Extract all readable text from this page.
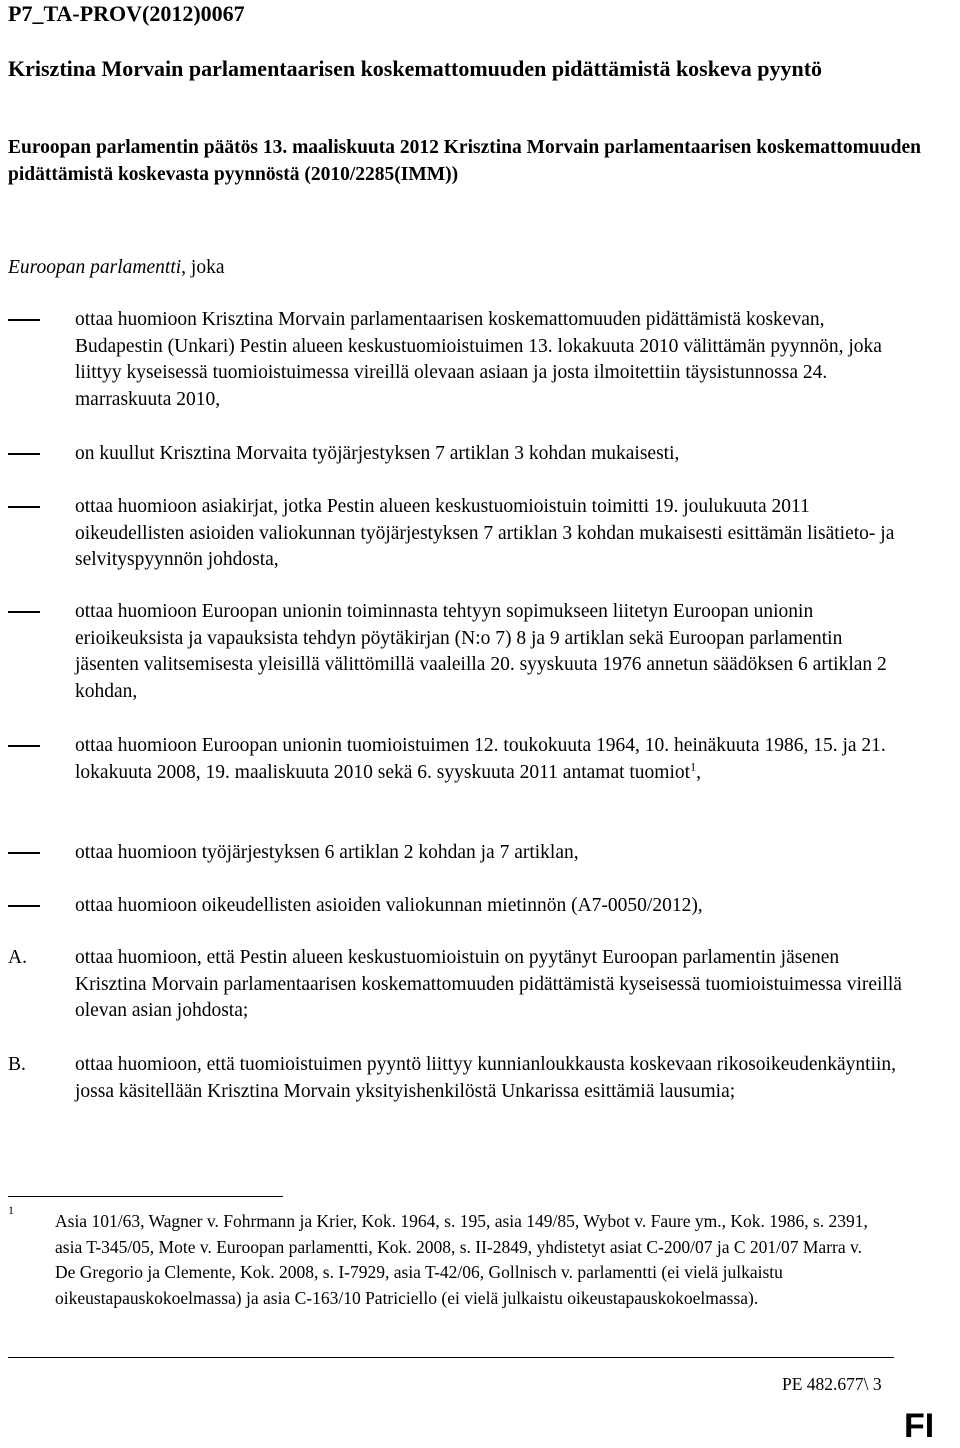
P7_TA-PROV(2012)0067
Krisztina Morvain parlamentaarisen koskemattomuuden pidättämistä koskeva pyyntö
Euroopan parlamentin päätös 13. maaliskuuta 2012 Krisztina Morvain parlamentaarisen koskemattomuuden pidättämistä koskevasta pyynnöstä (2010/2285(IMM))
Euroopan parlamentti, joka
ottaa huomioon Krisztina Morvain parlamentaarisen koskemattomuuden pidättämistä koskevan, Budapestin (Unkari) Pestin alueen keskustuomioistuimen 13. lokakuuta 2010 välittämän pyynnön, joka liittyy kyseisessä tuomioistuimessa vireillä olevaan asiaan ja josta ilmoitettiin täysistunnossa 24. marraskuuta 2010,
on kuullut Krisztina Morvaita työjärjestyksen 7 artiklan 3 kohdan mukaisesti,
ottaa huomioon asiakirjat, jotka Pestin alueen keskustuomioistuin toimitti 19. joulukuuta 2011 oikeudellisten asioiden valiokunnan työjärjestyksen 7 artiklan 3 kohdan mukaisesti esittämän lisätieto- ja selvityspyynnön johdosta,
ottaa huomioon Euroopan unionin toiminnasta tehtyyn sopimukseen liitetyn Euroopan unionin erioikeuksista ja vapauksista tehdyn pöytäkirjan (N:o 7) 8 ja 9 artiklan sekä Euroopan parlamentin jäsenten valitsemisesta yleisillä välittömillä vaaleilla 20. syyskuuta 1976 annetun säädöksen 6 artiklan 2 kohdan,
ottaa huomioon Euroopan unionin tuomioistuimen 12. toukokuuta 1964, 10. heinäkuuta 1986, 15. ja 21. lokakuuta 2008, 19. maaliskuuta 2010 sekä 6. syyskuuta 2011 antamat tuomiot$^1$,
ottaa huomioon työjärjestyksen 6 artiklan 2 kohdan ja 7 artiklan,
ottaa huomioon oikeudellisten asioiden valiokunnan mietinnön (A7-0050/2012),
A. ottaa huomioon, että Pestin alueen keskustuomioistuin on pyytänyt Euroopan parlamentin jäsenen Krisztina Morvain parlamentaarisen koskemattomuuden pidättämistä kyseisessä tuomioistuimessa vireillä olevan asian johdosta;
B.	ottaa huomioon, että tuomioistuimen pyyntö liittyy kunnianloukkausta koskevaan rikosoikeudenkäyntiin, jossa käsitellään Krisztina Morvain yksityishenkilöstä Unkarissa esittämiä lausumia;
1
Asia 101/63, Wagner v. Fohrmann ja Krier, Kok. 1964, s. 195, asia 149/85, Wybot v. Faure ym., Kok. 1986, s. 2391, asia T-345/05, Mote v. Euroopan parlamentti, Kok. 2008, s. II-2849, yhdistetyt asiat C-200/07 ja C 201/07 Marra v. De Gregorio ja Clemente, Kok. 2008, s. I-7929, asia T-42/06, Gollnisch v. parlamentti (ei vielä julkaistu oikeustapauskokoelmassa) ja asia C-163/10 Patriciello (ei vielä julkaistu oikeustapauskokoelmassa).
PE 482.677\ 3
FI
